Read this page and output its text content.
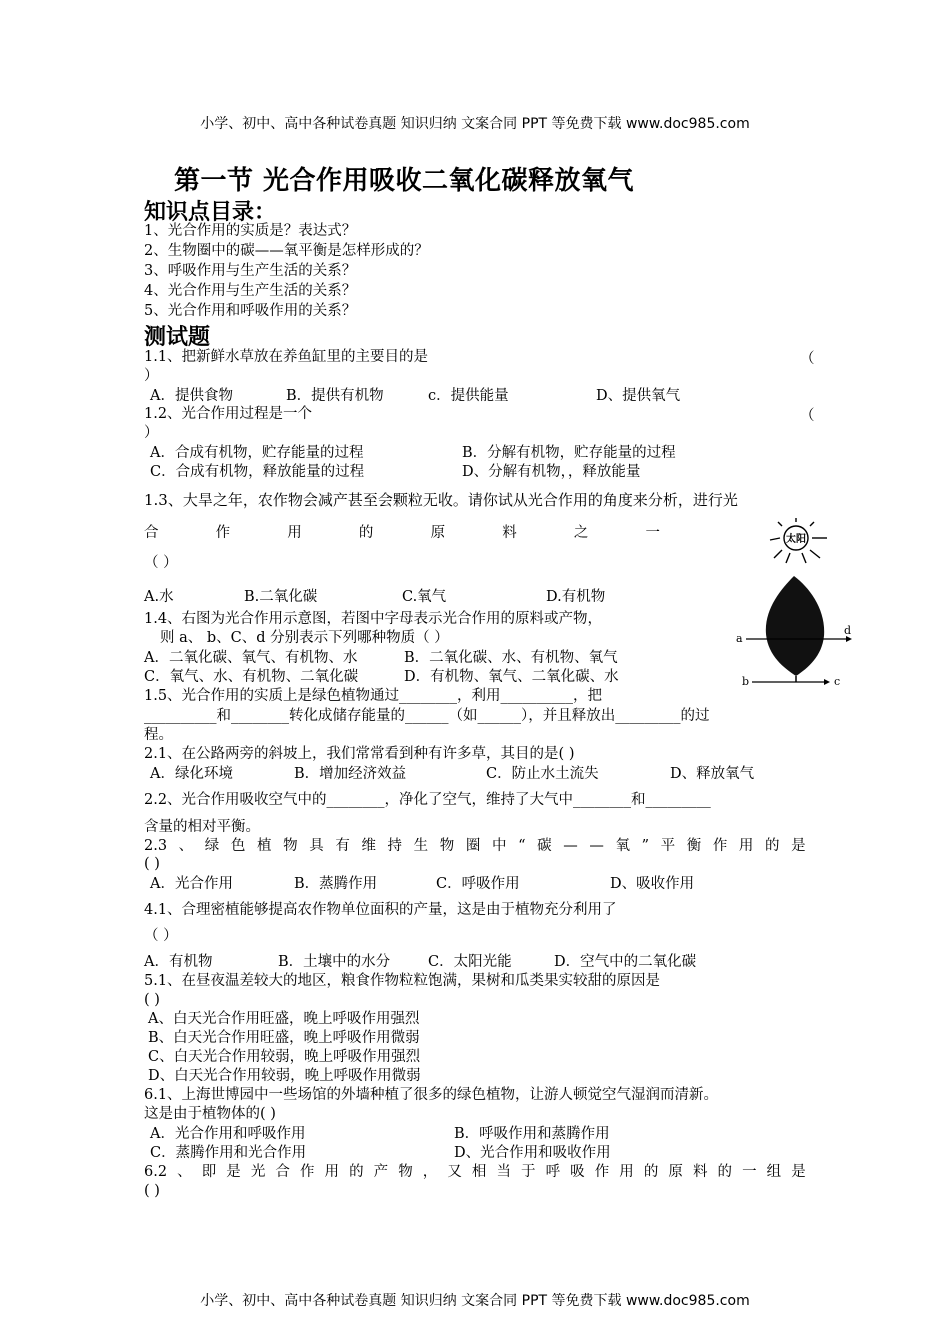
小学、初中、高中各种试卷真题 知识归纳 文案合同 PPT 等免费下载 www.doc985.com
第一节 光合作用吸收二氧化碳释放氧气
知识点目录：
1、光合作用的实质是？表达式？
2、生物圈中的碳——氧平衡是怎样形成的？
3、呼吸作用与生产生活的关系？
4、光合作用与生产生活的关系？
5、光合作用和呼吸作用的关系？
测试题
1.1、把新鲜水草放在养鱼缸里的主要目的是	（
）
A．提供食物	B．提供有机物	c．提供能量	D、提供氧气
1.2、光合作用过程是一个	（
）
A．合成有机物，贮存能量的过程	B．分解有机物，贮存能量的过程
C．合成有机物，释放能量的过程	D、分解有机物，，释放能量
1.3、大旱之年，农作物会减产甚至会颗粒无收。请你试从光合作用的角度来分析，进行光
合	作	用	的	原	料	之	一
（ ）
A.水	B.二氧化碳	C.氧气	D.有机物
1.4、右图为光合作用示意图，若图中字母表示光合作用的原料或产物，
则 a、 b、C、d 分别表示下列哪种物质（ ）
A．二氧化碳、氧气、有机物、水	B．二氧化碳、水、有机物、氧气
C．氧气、水、有机物、二氧化碳	D．有机物、氧气、二氧化碳、水
1.5、光合作用的实质上是绿色植物通过________，利用__________，把
__________和________转化成储存能量的______（如______），并且释放出_________的过
程。
2.1、在公路两旁的斜坡上，我们常常看到种有许多草，其目的是( )
A．绿化环境	B．增加经济效益	C．防止水土流失	D、释放氧气
2.2、光合作用吸收空气中的________，净化了空气，维持了大气中________和_________
含量的相对平衡。
2.3 、 绿 色 植 物 具 有 维 持 生 物 圈 中 “ 碳 — — 氧 ” 平 衡 作 用 的 是
( )
A．光合作用	B．蒸腾作用	C．呼吸作用	D、吸收作用
4.1、合理密植能够提高农作物单位面积的产量，这是由于植物充分利用了
（ ）
A．有机物	B．土壤中的水分	C．太阳光能	D．空气中的二氧化碳
5.1、在昼夜温差较大的地区，粮食作物粒粒饱满，果树和瓜类果实较甜的原因是
( )
A、白天光合作用旺盛，晚上呼吸作用强烈
B、白天光合作用旺盛，晚上呼吸作用微弱
C、白天光合作用较弱，晚上呼吸作用强烈
D、白天光合作用较弱，晚上呼吸作用微弱
6.1、上海世博园中一些场馆的外墙种植了很多的绿色植物，让游人顿觉空气湿润而清新。
这是由于植物体的( )
A．光合作用和呼吸作用	B．呼吸作用和蒸腾作用
C．蒸腾作用和光合作用	D、光合作用和吸收作用
6.2 、 即 是 光 合 作 用 的 产 物 ， 又 相 当 于 呼 吸 作 用 的 原 料 的 一 组 是
( )
太阳
a
b	c
d
小学、初中、高中各种试卷真题 知识归纳 文案合同 PPT 等免费下载 www.doc985.com
